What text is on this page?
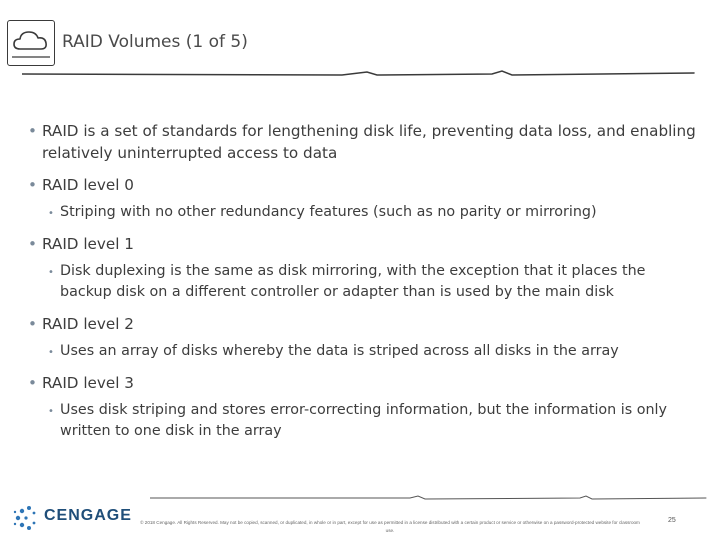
RAID Volumes (1 of 5)
• RAID is a set of standards for lengthening disk life, preventing data loss, and enabling relatively uninterrupted access to data
• RAID level 0
• Striping with no other redundancy features (such as no parity or mirroring)
• RAID level 1
• Disk duplexing is the same as disk mirroring, with the exception that it places the backup disk on a different controller or adapter than is used by the main disk
• RAID level 2
• Uses an array of disks whereby the data is striped across all disks in the array
• RAID level 3
• Uses disk striping and stores error-correcting information, but the information is only written to one disk in the array
CENGAGE © 2018 Cengage. All Rights Reserved. May not be copied, scanned, or duplicated, in whole or in part, except for use as permitted in a license distributed with a certain product or service or otherwise on a password-protected website for classroom use.
25
